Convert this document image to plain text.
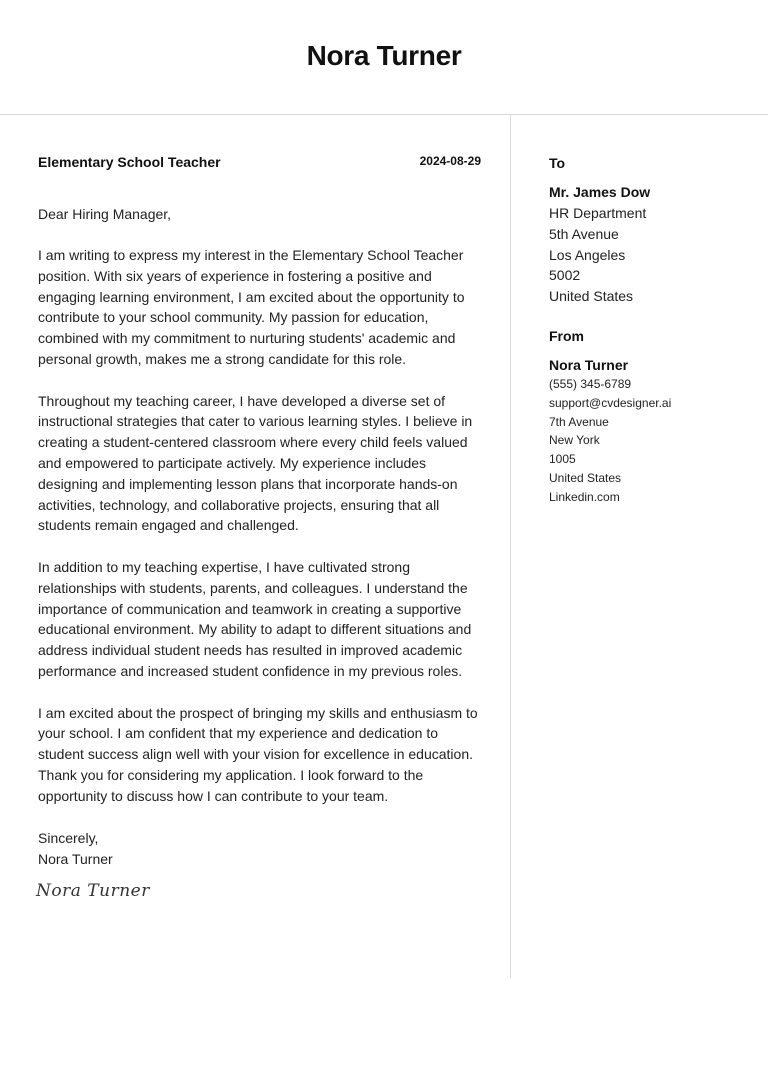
Nora Turner
Elementary School Teacher	2024-08-29
Dear Hiring Manager,

I am writing to express my interest in the Elementary School Teacher position. With six years of experience in fostering a positive and engaging learning environment, I am excited about the opportunity to contribute to your school community. My passion for education, combined with my commitment to nurturing students' academic and personal growth, makes me a strong candidate for this role.

Throughout my teaching career, I have developed a diverse set of instructional strategies that cater to various learning styles. I believe in creating a student-centered classroom where every child feels valued and empowered to participate actively. My experience includes designing and implementing lesson plans that incorporate hands-on activities, technology, and collaborative projects, ensuring that all students remain engaged and challenged.

In addition to my teaching expertise, I have cultivated strong relationships with students, parents, and colleagues. I understand the importance of communication and teamwork in creating a supportive educational environment. My ability to adapt to different situations and address individual student needs has resulted in improved academic performance and increased student confidence in my previous roles.

I am excited about the prospect of bringing my skills and enthusiasm to your school. I am confident that my experience and dedication to student success align well with your vision for excellence in education. Thank you for considering my application. I look forward to the opportunity to discuss how I can contribute to your team.

Sincerely,
Nora Turner
Nora Turner
To
Mr. James Dow
HR Department
5th Avenue
Los Angeles
5002
United States
From
Nora Turner
(555) 345-6789
support@cvdesigner.ai
7th Avenue
New York
1005
United States
Linkedin.com
